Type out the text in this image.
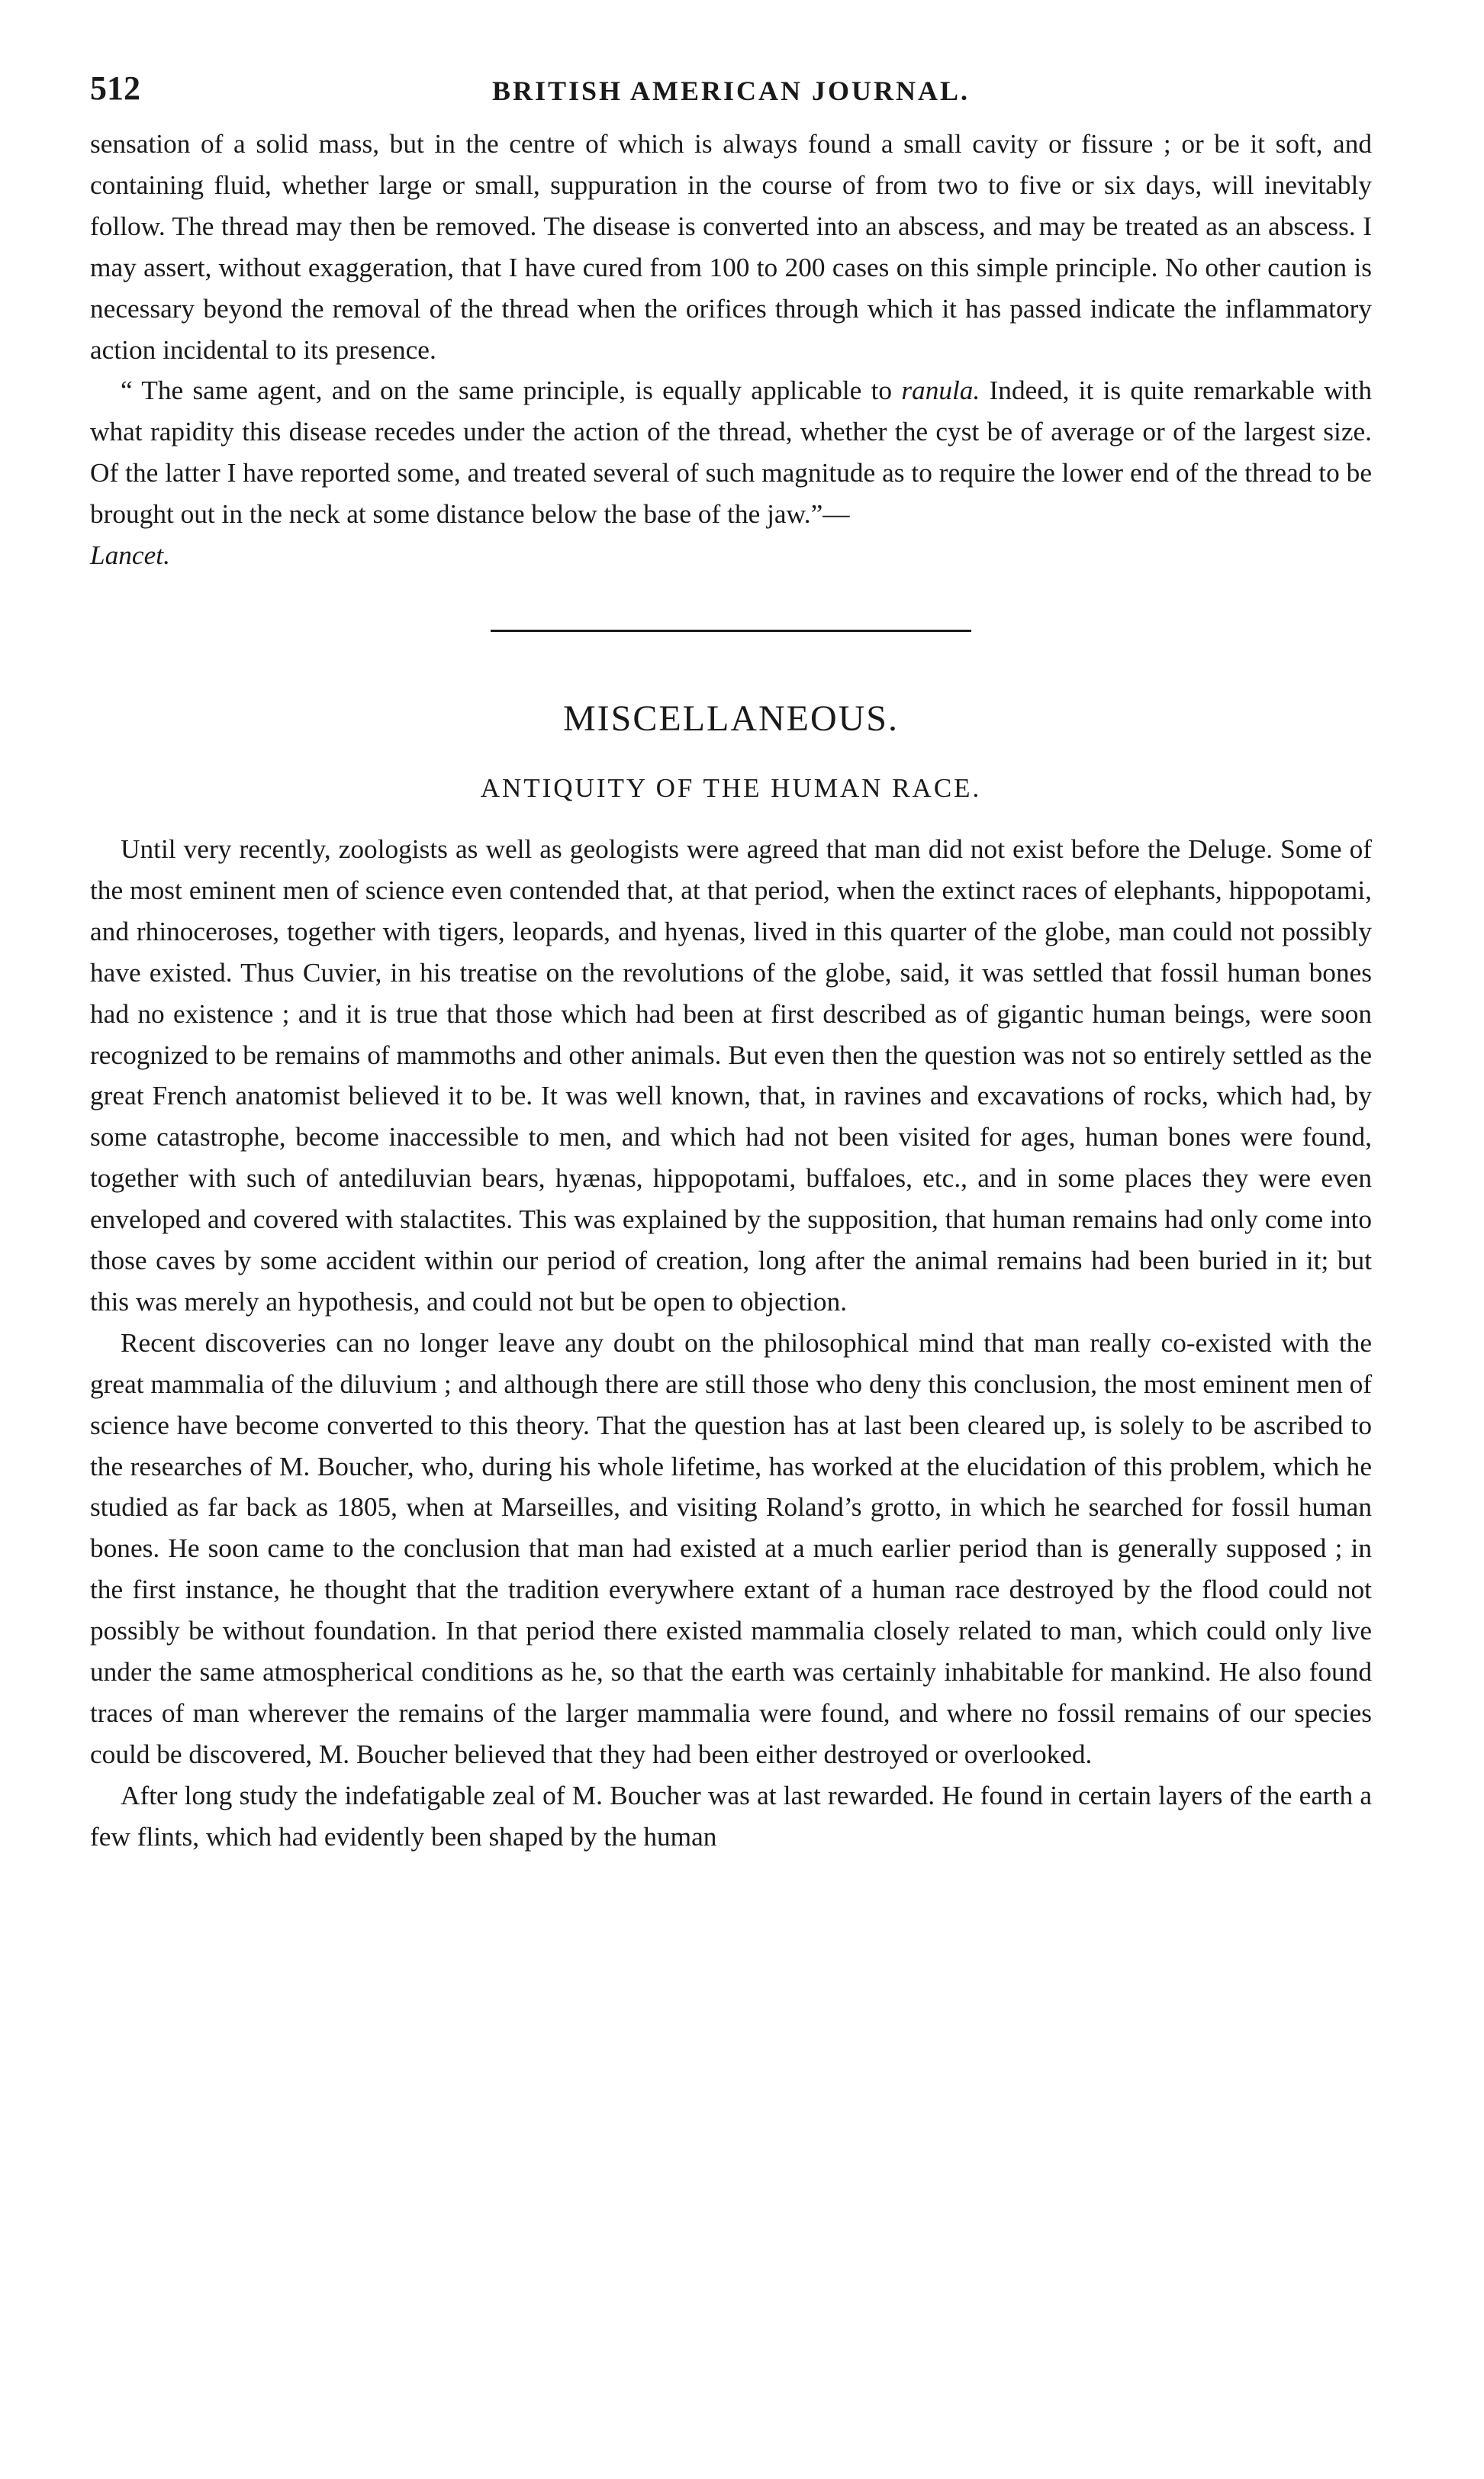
512	BRITISH AMERICAN JOURNAL.

sensation of a solid mass, but in the centre of which is always found a small cavity or fissure ; or be it soft, and containing fluid, whether large or small, suppuration in the course of from two to five or six days, will inevitably follow. The thread may then be removed. The disease is converted into an abscess, and may be treated as an abscess. I may assert, without exaggeration, that I have cured from 100 to 200 cases on this simple principle. No other caution is necessary beyond the removal of the thread when the orifices through which it has passed indicate the inflammatory action incidental to its presence.

“ The same agent, and on the same principle, is equally applicable to ranula. Indeed, it is quite remarkable with what rapidity this disease recedes under the action of the thread, whether the cyst be of average or of the largest size. Of the latter I have reported some, and treated several of such magnitude as to require the lower end of the thread to be brought out in the neck at some distance below the base of the jaw.”—

Lancet.
MISCELLANEOUS.
ANTIQUITY OF THE HUMAN RACE.

Until very recently, zoologists as well as geologists were agreed that man did not exist before the Deluge. Some of the most eminent men of science even contended that, at that period, when the extinct races of elephants, hippopotami, and rhinoceroses, together with tigers, leopards, and hyenas, lived in this quarter of the globe, man could not possibly have existed. Thus Cuvier, in his treatise on the revolutions of the globe, said, it was settled that fossil human bones had no existence ; and it is true that those which had been at first described as of gigantic human beings, were soon recognized to be remains of mammoths and other animals. But even then the question was not so entirely settled as the great French anatomist believed it to be. It was well known, that, in ravines and excavations of rocks, which had, by some catastrophe, become inaccessible to men, and which had not been visited for ages, human bones were found, together with such of antediluvian bears, hyænas, hippopotami, buffaloes, etc., and in some places they were even enveloped and covered with stalactites. This was explained by the supposition, that human remains had only come into those caves by some accident within our period of creation, long after the animal remains had been buried in it; but this was merely an hypothesis, and could not but be open to objection.

Recent discoveries can no longer leave any doubt on the philosophical mind that man really co-existed with the great mammalia of the diluvium ; and although there are still those who deny this conclusion, the most eminent men of science have become converted to this theory. That the question has at last been cleared up, is solely to be ascribed to the researches of M. Boucher, who, during his whole lifetime, has worked at the elucidation of this problem, which he studied as far back as 1805, when at Marseilles, and visiting Roland’s grotto, in which he searched for fossil human bones. He soon came to the conclusion that man had existed at a much earlier period than is generally supposed ; in the first instance, he thought that the tradition everywhere extant of a human race destroyed by the flood could not possibly be without foundation. In that period there existed mammalia closely related to man, which could only live under the same atmospherical conditions as he, so that the earth was certainly inhabitable for mankind. He also found traces of man wherever the remains of the larger mammalia were found, and where no fossil remains of our species could be discovered, M. Boucher believed that they had been either destroyed or overlooked.

After long study the indefatigable zeal of M. Boucher was at last rewarded. He found in certain layers of the earth a few flints, which had evidently been shaped by the human
